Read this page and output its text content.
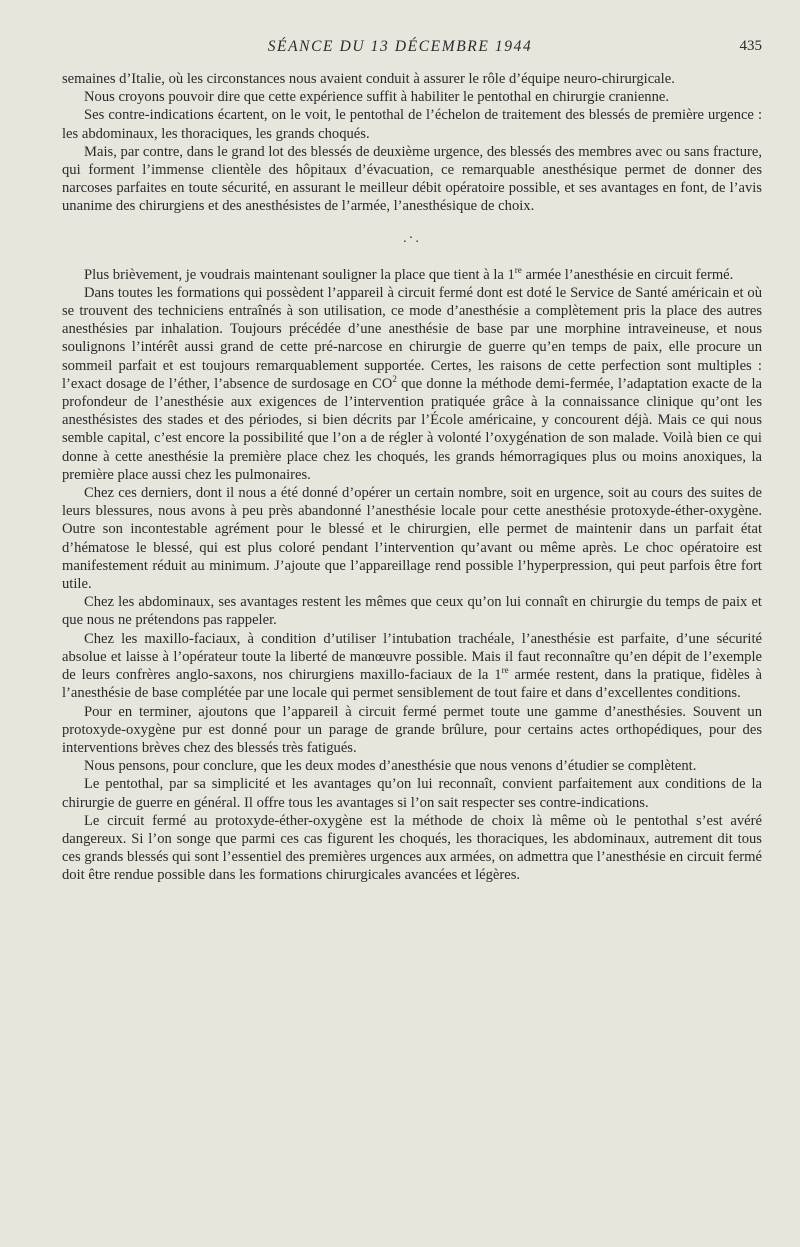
SÉANCE DU 13 DÉCEMBRE 1944	435

semaines d’Italie, où les circonstances nous avaient conduit à assurer le rôle d’équipe neuro-chirurgicale.

Nous croyons pouvoir dire que cette expérience suffit à habiliter le pentothal en chirurgie cranienne.

Ses contre-indications écartent, on le voit, le pentothal de l’échelon de traitement des blessés de première urgence : les abdominaux, les thoraciques, les grands choqués.

Mais, par contre, dans le grand lot des blessés de deuxième urgence, des blessés des membres avec ou sans fracture, qui forment l’immense clientèle des hôpitaux d’évacuation, ce remarquable anesthésique permet de donner des narcoses parfaites en toute sécurité, en assurant le meilleur débit opératoire possible, et ses avantages en font, de l’avis unanime des chirurgiens et des anesthésistes de l’armée, l’anesthésique de choix.

.·.

Plus brièvement, je voudrais maintenant souligner la place que tient à la 1re armée l’anesthésie en circuit fermé.

Dans toutes les formations qui possèdent l’appareil à circuit fermé dont est doté le Service de Santé américain et où se trouvent des techniciens entraînés à son utilisation, ce mode d’anesthésie a complètement pris la place des autres anesthésies par inhalation. Toujours précédée d’une anesthésie de base par une morphine intraveineuse, et nous soulignons l’intérêt aussi grand de cette pré-narcose en chirurgie de guerre qu’en temps de paix, elle procure un sommeil parfait et est toujours remarquablement supportée. Certes, les raisons de cette perfection sont multiples : l’exact dosage de l’éther, l’absence de surdosage en $CO^2$ que donne la méthode demi-fermée, l’adaptation exacte de la profondeur de l’anesthésie aux exigences de l’intervention pratiquée grâce à la connaissance clinique qu’ont les anesthésistes des stades et des périodes, si bien décrits par l’École américaine, y concourent déjà. Mais ce qui nous semble capital, c’est encore la possibilité que l’on a de régler à volonté l’oxygénation de son malade. Voilà bien ce qui donne à cette anesthésie la première place chez les choqués, les grands hémorragiques plus ou moins anoxiques, la première place aussi chez les pulmonaires.

Chez ces derniers, dont il nous a été donné d’opérer un certain nombre, soit en urgence, soit au cours des suites de leurs blessures, nous avons à peu près abandonné l’anesthésie locale pour cette anesthésie protoxyde-éther-oxygène. Outre son incontestable agrément pour le blessé et le chirurgien, elle permet de maintenir dans un parfait état d’hématose le blessé, qui est plus coloré pendant l’intervention qu’avant ou même après. Le choc opératoire est manifestement réduit au minimum. J’ajoute que l’appareillage rend possible l’hyperpression, qui peut parfois être fort utile.

Chez les abdominaux, ses avantages restent les mêmes que ceux qu’on lui connaît en chirurgie du temps de paix et que nous ne prétendons pas rappeler.

Chez les maxillo-faciaux, à condition d’utiliser l’intubation trachéale, l’anesthésie est parfaite, d’une sécurité absolue et laisse à l’opérateur toute la liberté de manœuvre possible. Mais il faut reconnaître qu’en dépit de l’exemple de leurs confrères anglo-saxons, nos chirurgiens maxillo-faciaux de la 1re armée restent, dans la pratique, fidèles à l’anesthésie de base complétée par une locale qui permet sensiblement de tout faire et dans d’excellentes conditions.

Pour en terminer, ajoutons que l’appareil à circuit fermé permet toute une gamme d’anesthésies. Souvent un protoxyde-oxygène pur est donné pour un parage de grande brûlure, pour certains actes orthopédiques, pour des interventions brèves chez des blessés très fatigués.

Nous pensons, pour conclure, que les deux modes d’anesthésie que nous venons d’étudier se complètent.

Le pentothal, par sa simplicité et les avantages qu’on lui reconnaît, convient parfaitement aux conditions de la chirurgie de guerre en général. Il offre tous les avantages si l’on sait respecter ses contre-indications.

Le circuit fermé au protoxyde-éther-oxygène est la méthode de choix là même où le pentothal s’est avéré dangereux. Si l’on songe que parmi ces cas figurent les choqués, les thoraciques, les abdominaux, autrement dit tous ces grands blessés qui sont l’essentiel des premières urgences aux armées, on admettra que l’anesthésie en circuit fermé doit être rendue possible dans les formations chirurgicales avancées et légères.
